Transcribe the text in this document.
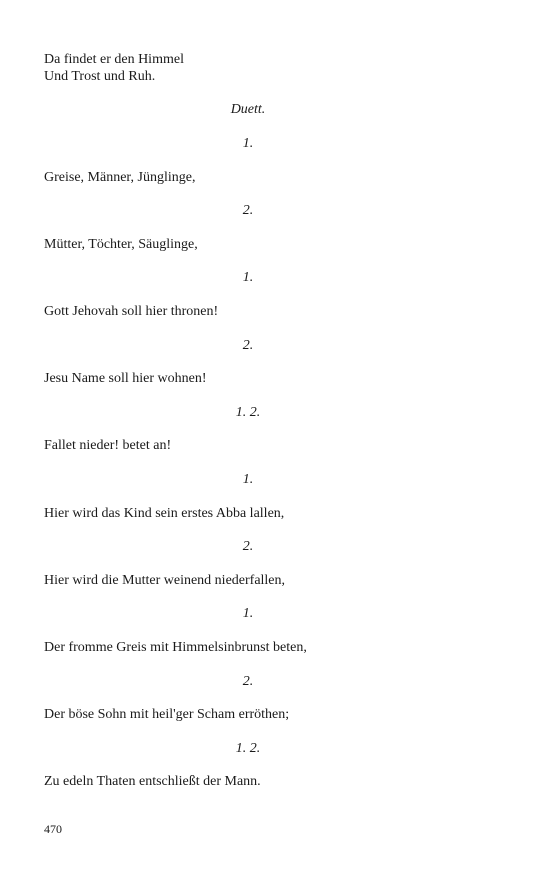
Da findet er den Himmel
Und Trost und Ruh.
Duett.
1.
Greise, Männer, Jünglinge,
2.
Mütter, Töchter, Säuglinge,
1.
Gott Jehovah soll hier thronen!
2.
Jesu Name soll hier wohnen!
1. 2.
Fallet nieder! betet an!
1.
Hier wird das Kind sein erstes Abba lallen,
2.
Hier wird die Mutter weinend niederfallen,
1.
Der fromme Greis mit Himmelsinbrunst beten,
2.
Der böse Sohn mit heil'ger Scham erröthen;
1. 2.
Zu edeln Thaten entschließt der Mann.
470
